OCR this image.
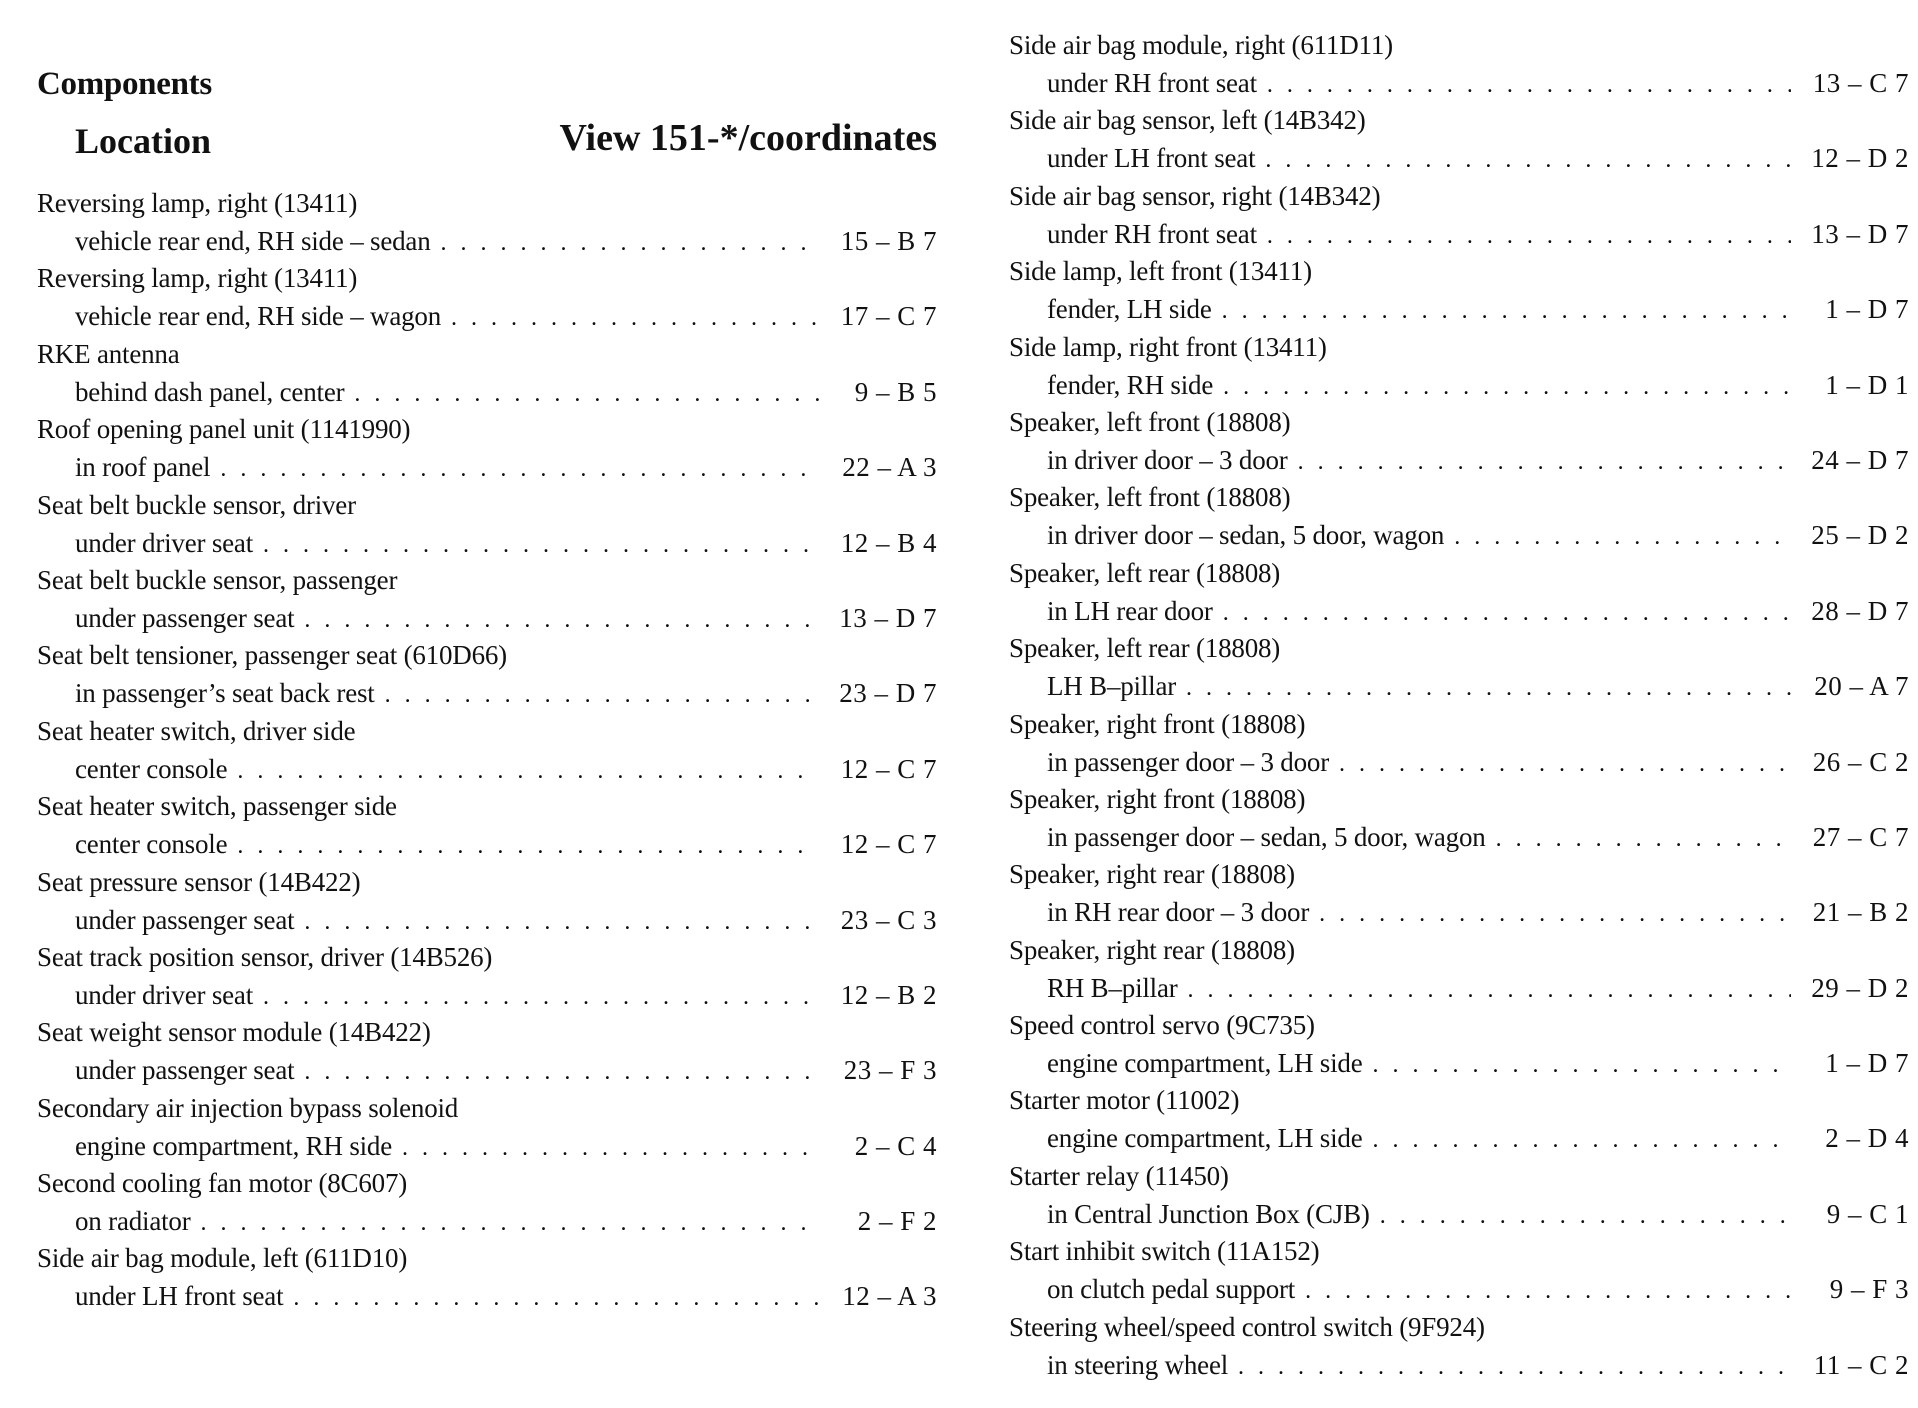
Components
Location	View 151-*/coordinates
Reversing lamp, right (13411)
vehicle rear end, RH side – sedan . . .	15 – B 7
Reversing lamp, right (13411)
vehicle rear end, RH side – wagon . . .	17 – C 7
RKE antenna
behind dash panel, center . . .	9 – B 5
Roof opening panel unit (1141990)
in roof panel . . .	22 – A 3
Seat belt buckle sensor, driver
under driver seat . . .	12 – B 4
Seat belt buckle sensor, passenger
under passenger seat . . .	13 – D 7
Seat belt tensioner, passenger seat (610D66)
in passenger’s seat back rest . . .	23 – D 7
Seat heater switch, driver side
center console . . .	12 – C 7
Seat heater switch, passenger side
center console . . .	12 – C 7
Seat pressure sensor (14B422)
under passenger seat . . .	23 – C 3
Seat track position sensor, driver (14B526)
under driver seat . . .	12 – B 2
Seat weight sensor module (14B422)
under passenger seat . . .	23 – F 3
Secondary air injection bypass solenoid
engine compartment, RH side . . .	2 – C 4
Second cooling fan motor (8C607)
on radiator . . .	2 – F 2
Side air bag module, left (611D10)
under LH front seat . . .	12 – A 3
Side air bag module, right (611D11)
under RH front seat . . .	13 – C 7
Side air bag sensor, left (14B342)
under LH front seat . . .	12 – D 2
Side air bag sensor, right (14B342)
under RH front seat . . .	13 – D 7
Side lamp, left front (13411)
fender, LH side . . .	1 – D 7
Side lamp, right front (13411)
fender, RH side . . .	1 – D 1
Speaker, left front (18808)
in driver door – 3 door . . .	24 – D 7
Speaker, left front (18808)
in driver door – sedan, 5 door, wagon . . .	25 – D 2
Speaker, left rear (18808)
in LH rear door . . .	28 – D 7
Speaker, left rear (18808)
LH B–pillar . . .	20 – A 7
Speaker, right front (18808)
in passenger door – 3 door . . .	26 – C 2
Speaker, right front (18808)
in passenger door – sedan, 5 door, wagon . . .	27 – C 7
Speaker, right rear (18808)
in RH rear door – 3 door . . .	21 – B 2
Speaker, right rear (18808)
RH B–pillar . . .	29 – D 2
Speed control servo (9C735)
engine compartment, LH side . . .	1 – D 7
Starter motor (11002)
engine compartment, LH side . . .	2 – D 4
Starter relay (11450)
in Central Junction Box (CJB) . . .	9 – C 1
Start inhibit switch (11A152)
on clutch pedal support . . .	9 – F 3
Steering wheel/speed control switch (9F924)
in steering wheel . . .	11 – C 2
